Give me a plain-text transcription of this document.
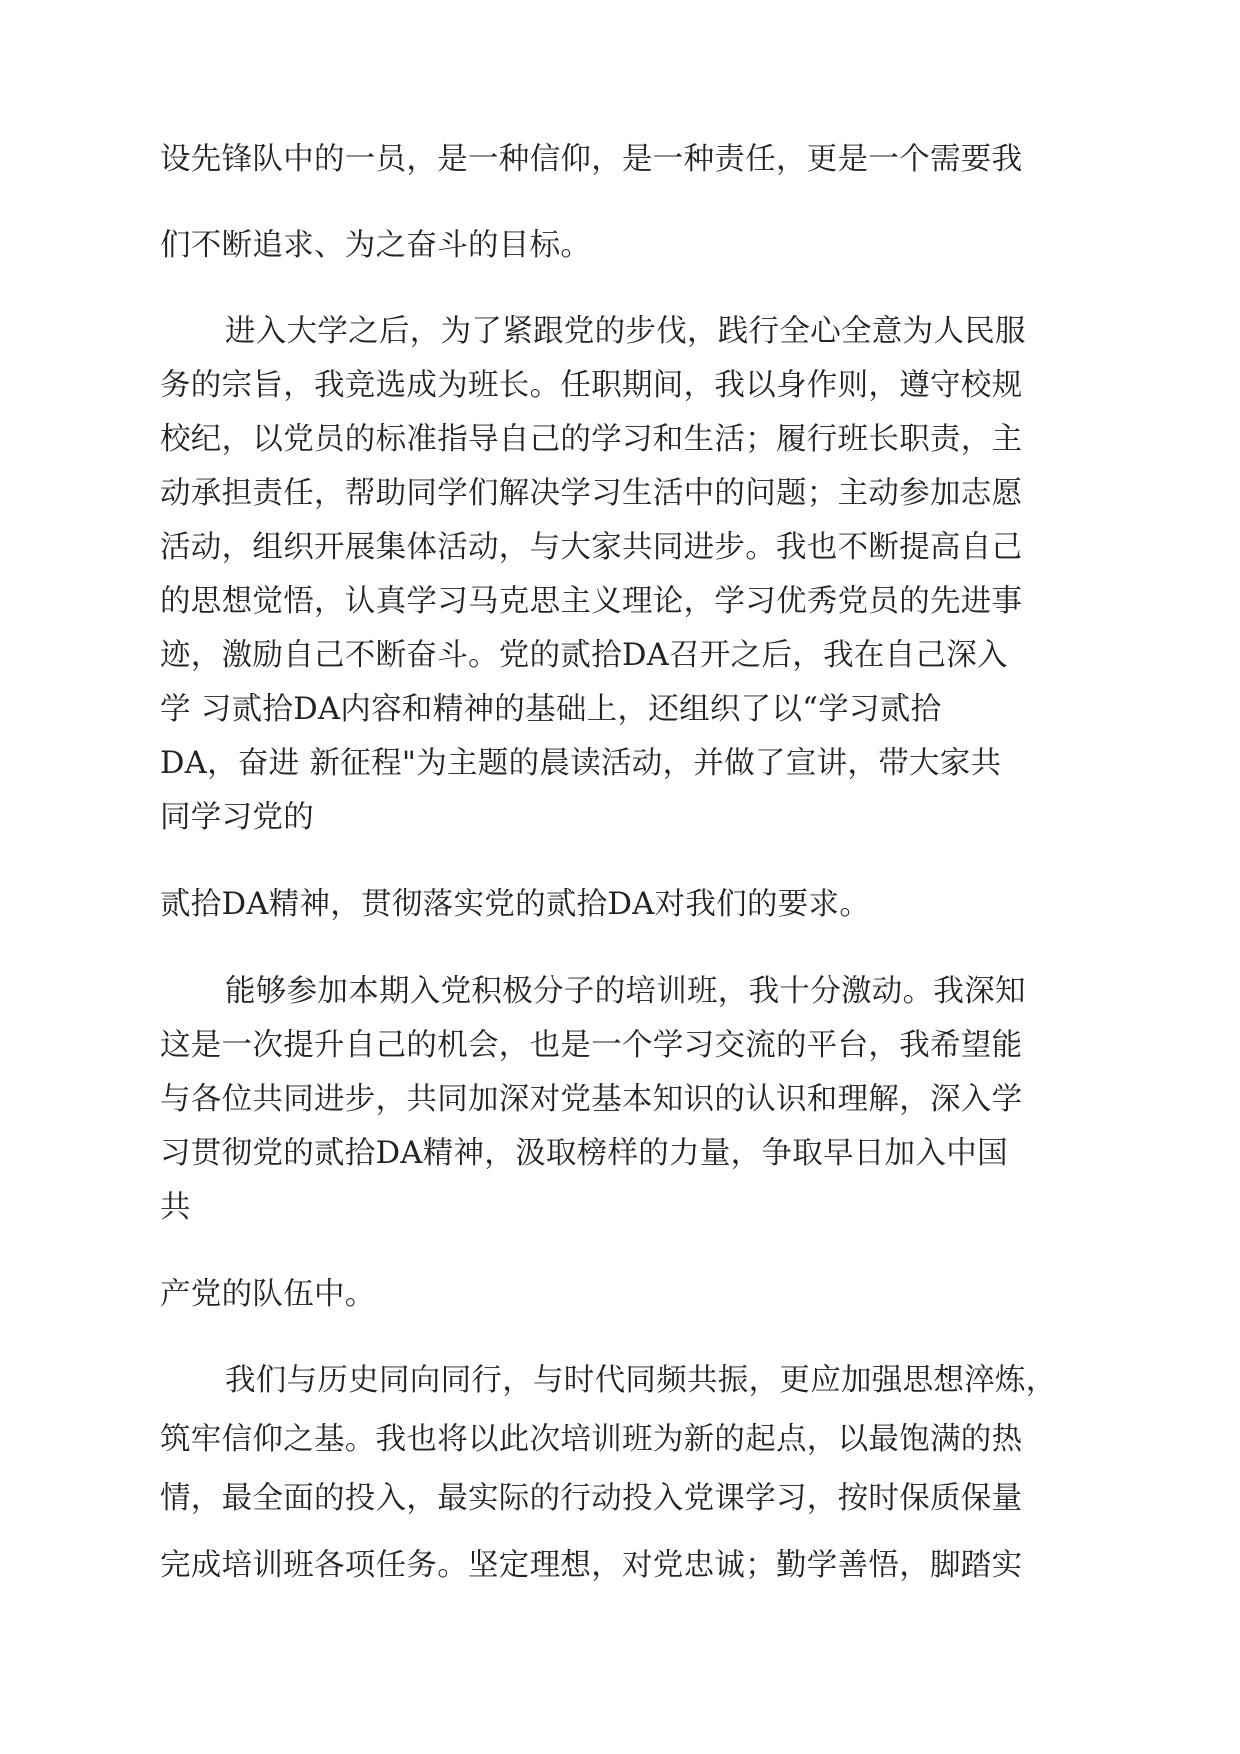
设先锋队中的一员，是一种信仰，是一种责任，更是一个需要我

们不断追求、为之奋斗的目标。

进入大学之后，为了紧跟党的步伐，践行全心全意为人民服

务的宗旨，我竞选成为班长。任职期间，我以身作则，遵守校规

校纪，以党员的标准指导自己的学习和生活；履行班长职责，主

动承担责任，帮助同学们解决学习生活中的问题；主动参加志愿

活动，组织开展集体活动，与大家共同进步。我也不断提高自己

的思想觉悟，认真学习马克思主义理论，学习优秀党员的先进事

迹，激励自己不断奋斗。党的贰拾DA召开之后，我在自己深入

学 习贰拾DA内容和精神的基础上，还组织了以“学习贰拾

DA，奋进 新征程"为主题的晨读活动，并做了宣讲，带大家共

同学习党的

贰拾DA精神，贯彻落实党的贰拾DA对我们的要求。

能够参加本期入党积极分子的培训班，我十分激动。我深知

这是一次提升自己的机会，也是一个学习交流的平台，我希望能

与各位共同进步，共同加深对党基本知识的认识和理解，深入学

习贯彻党的贰拾DA精神，汲取榜样的力量，争取早日加入中国

共

产党的队伍中。

我们与历史同向同行，与时代同频共振，更应加强思想淬炼，

筑牢信仰之基。我也将以此次培训班为新的起点，以最饱满的热

情，最全面的投入，最实际的行动投入党课学习，按时保质保量

完成培训班各项任务。坚定理想，对党忠诚；勤学善悟，脚踏实
